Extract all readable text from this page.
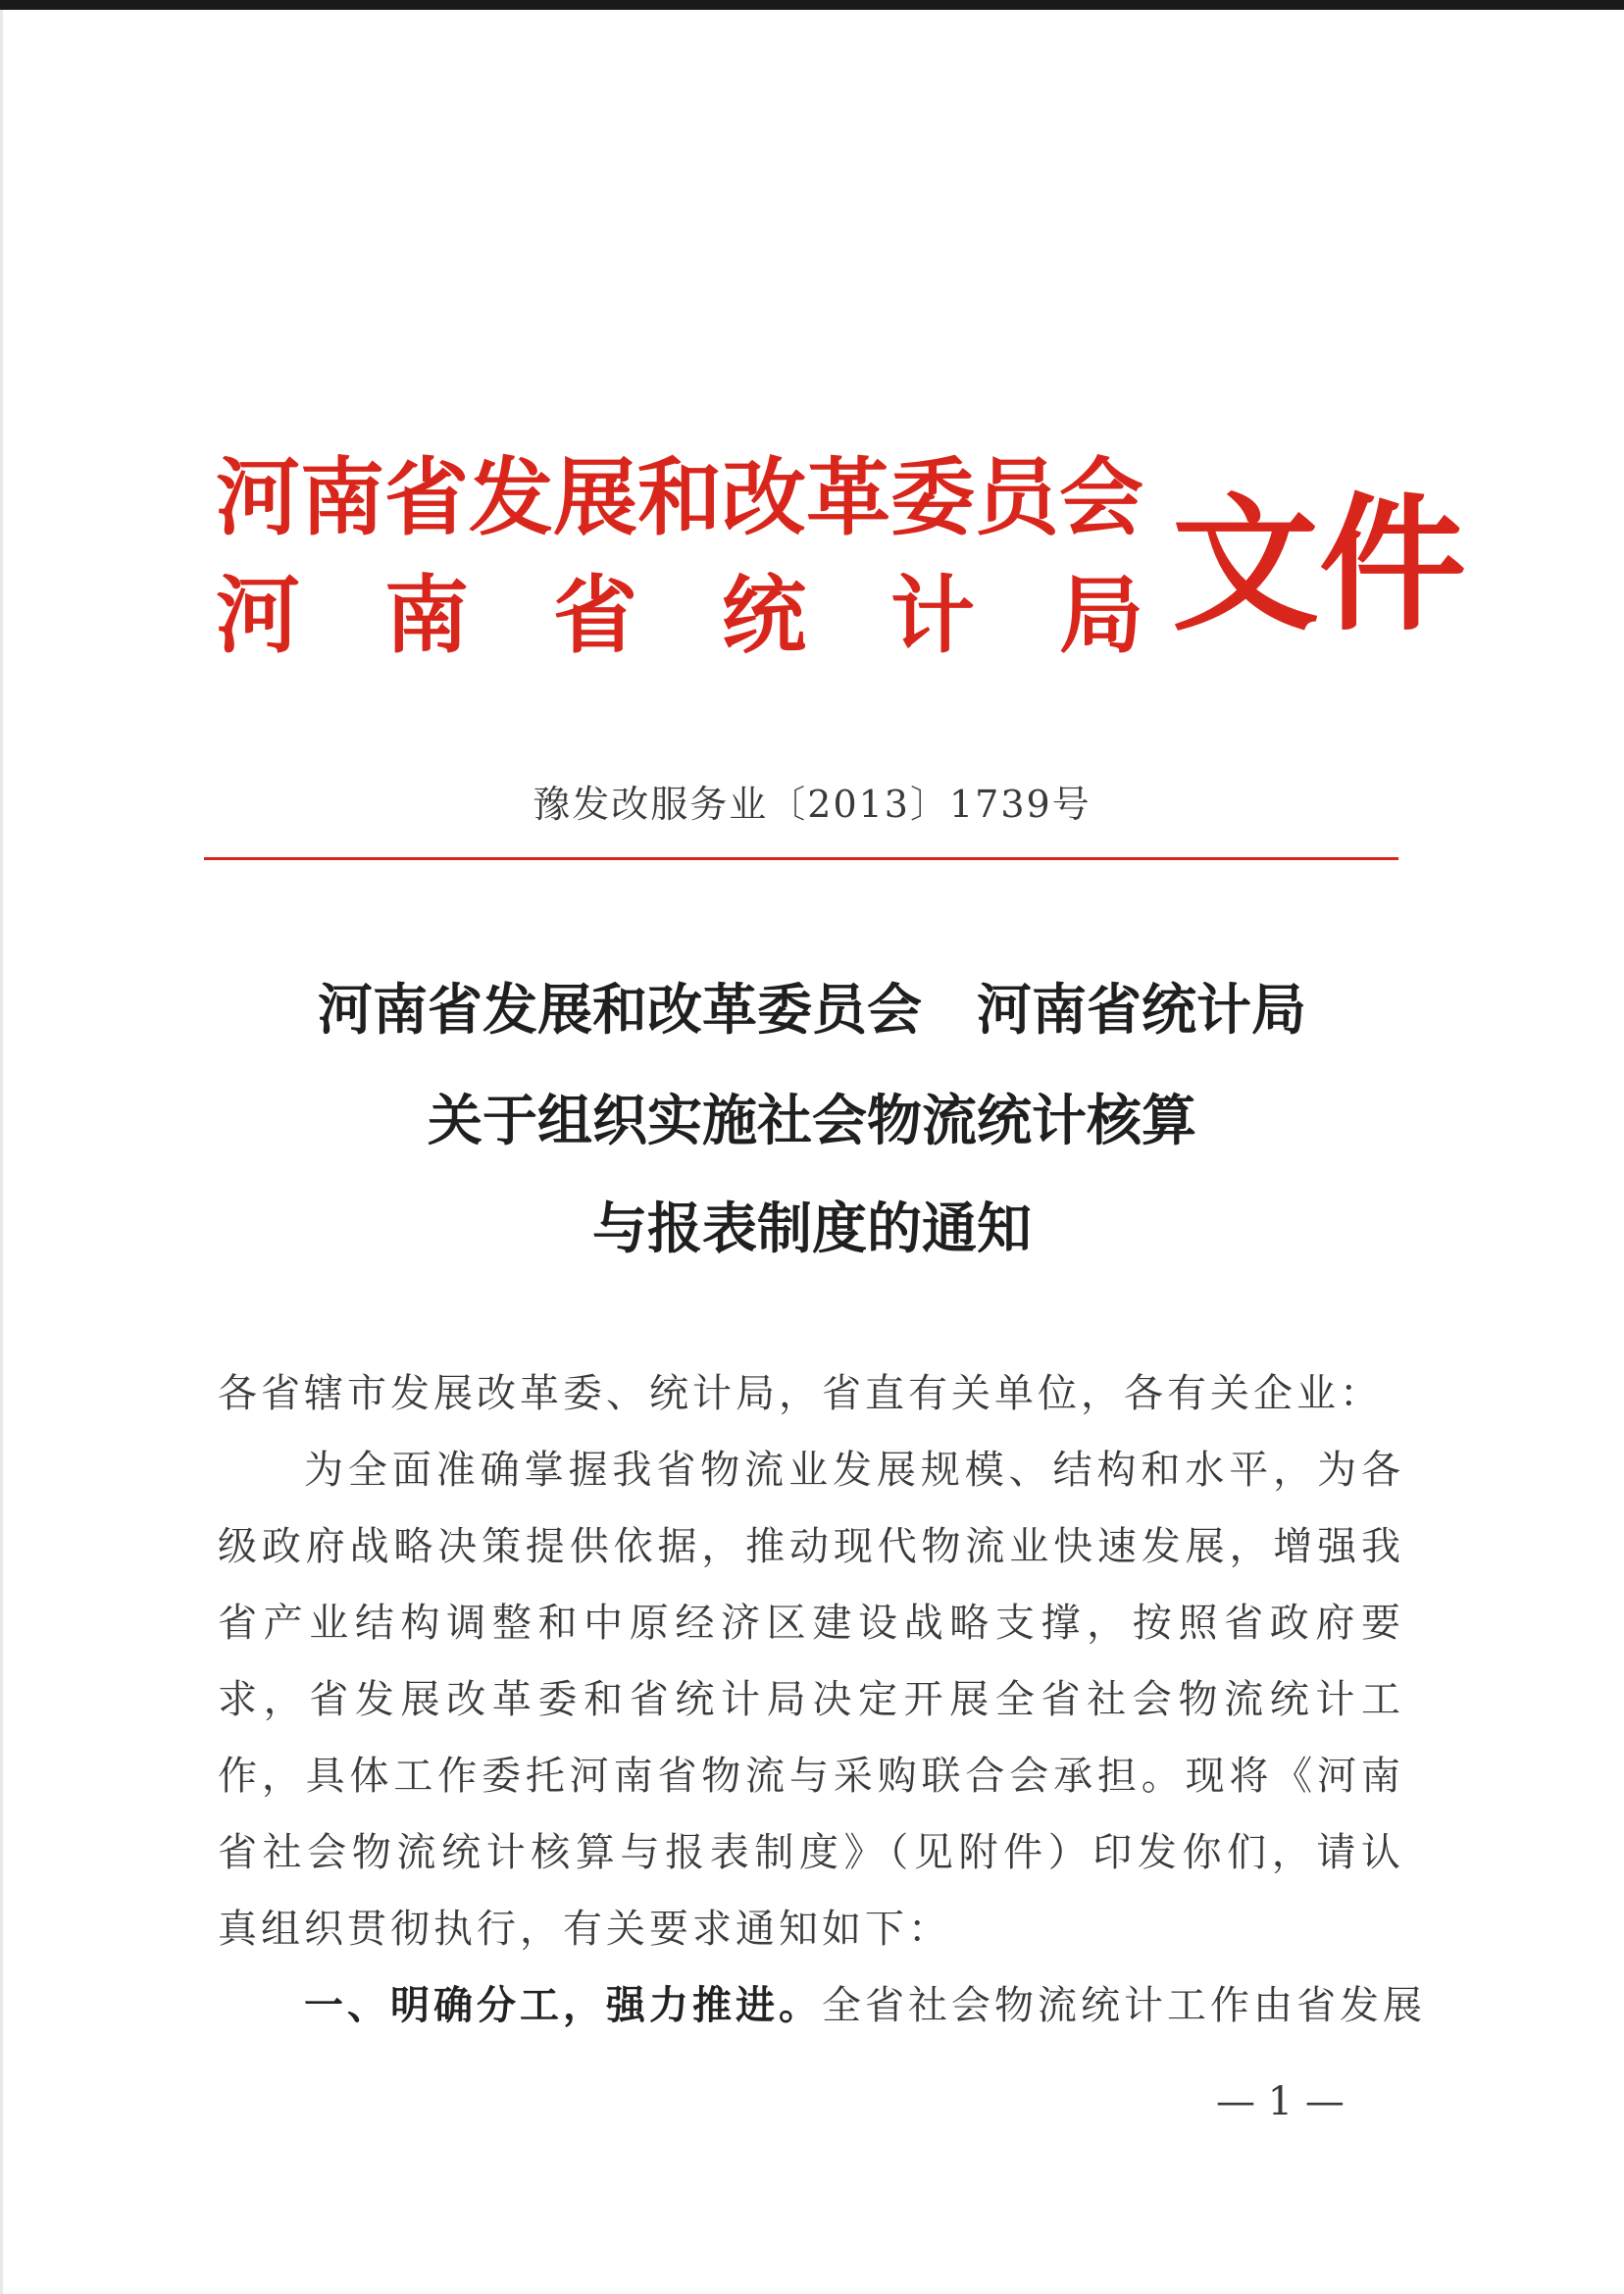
河南省发展和改革委员会
河 南 省 统 计 局 文件
豫发改服务业〔2013〕1739号
河南省发展和改革委员会　河南省统计局
关于组织实施社会物流统计核算
与报表制度的通知
各省辖市发展改革委、统计局，省直有关单位，各有关企业：
为全面准确掌握我省物流业发展规模、结构和水平，为各级政府战略决策提供依据，推动现代物流业快速发展，增强我省产业结构调整和中原经济区建设战略支撑，按照省政府要求，省发展改革委和省统计局决定开展全省社会物流统计工作，具体工作委托河南省物流与采购联合会承担。现将《河南省社会物流统计核算与报表制度》（见附件）印发你们，请认真组织贯彻执行，有关要求通知如下：
一、明确分工，强力推进。全省社会物流统计工作由省发展
— 1 —
